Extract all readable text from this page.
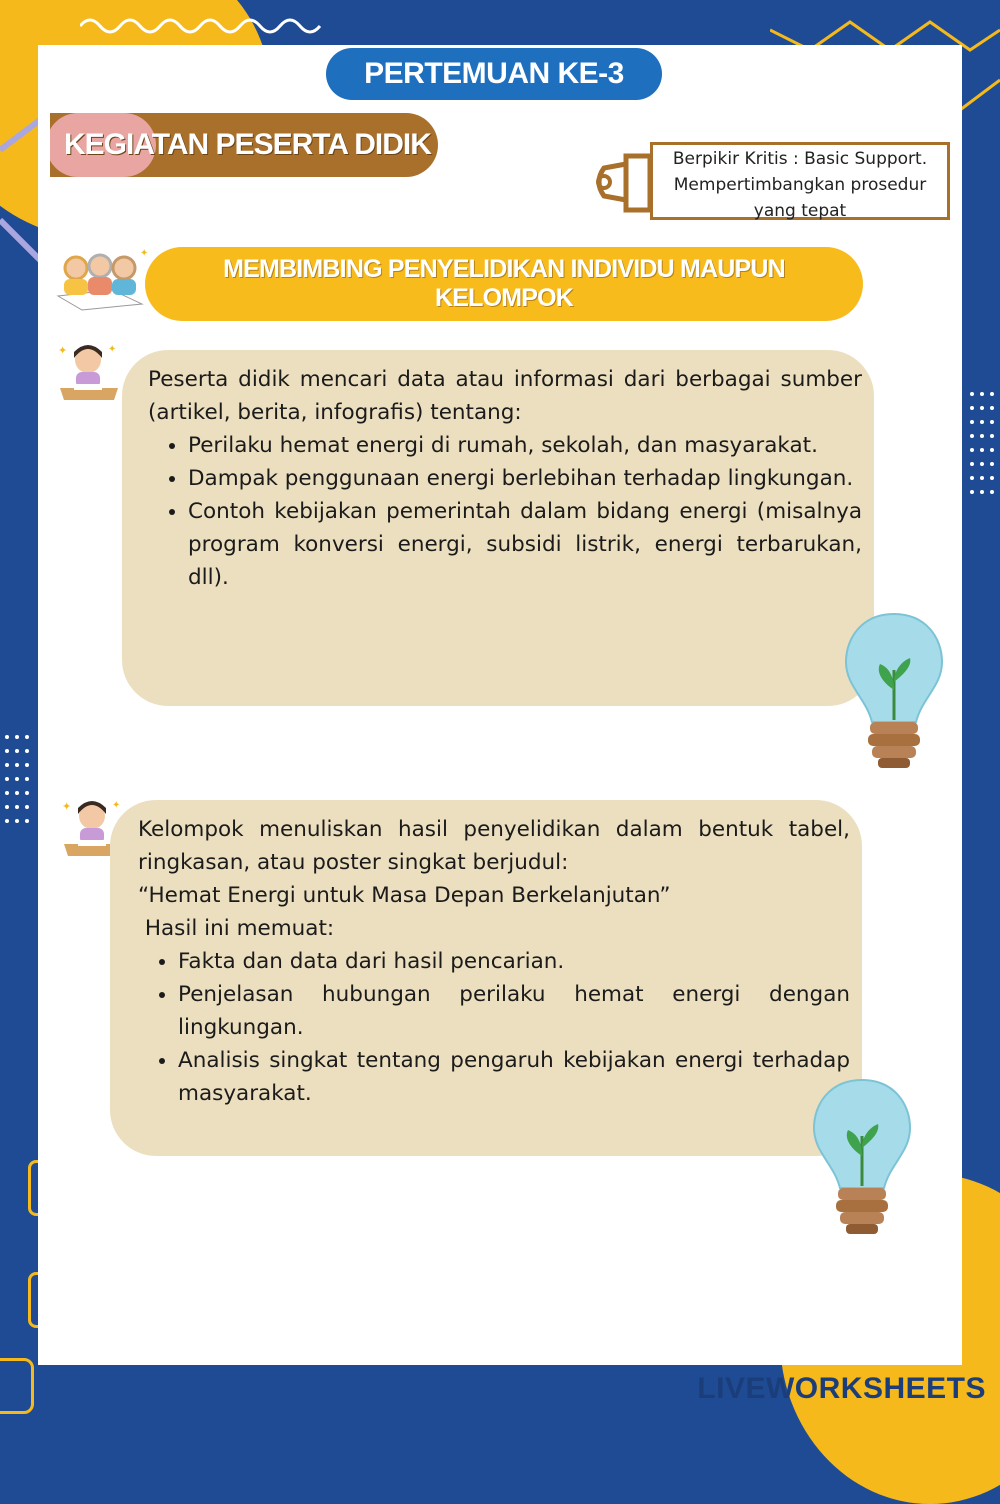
PERTEMUAN KE-3
KEGIATAN PESERTA DIDIK	Berpikir Kritis : Basic Support.
Mempertimbangkan prosedur
yang tepat
✦
MEMBIMBING PENYELIDIKAN INDIVIDU MAUPUN
KELOMPOK
✦	✦
✦	✦

Peserta didik mencari data atau informasi dari berbagai sumber (artikel, berita, infografis) tentang:

• Perilaku hemat energi di rumah, sekolah, dan masyarakat.
• Dampak penggunaan energi berlebihan terhadap lingkungan.
• Contoh kebijakan pemerintah dalam bidang energi (misalnya program konversi energi, subsidi listrik, energi terbarukan, dll).

Kelompok menuliskan hasil penyelidikan dalam bentuk tabel, ringkasan, atau poster singkat berjudul:

“Hemat Energi untuk Masa Depan Berkelanjutan”

Hasil ini memuat:

• Fakta dan data dari hasil pencarian.
• Penjelasan hubungan perilaku hemat energi dengan lingkungan.
• Analisis singkat tentang pengaruh kebijakan energi terhadap masyarakat.
LIVEWORKSHEETS
